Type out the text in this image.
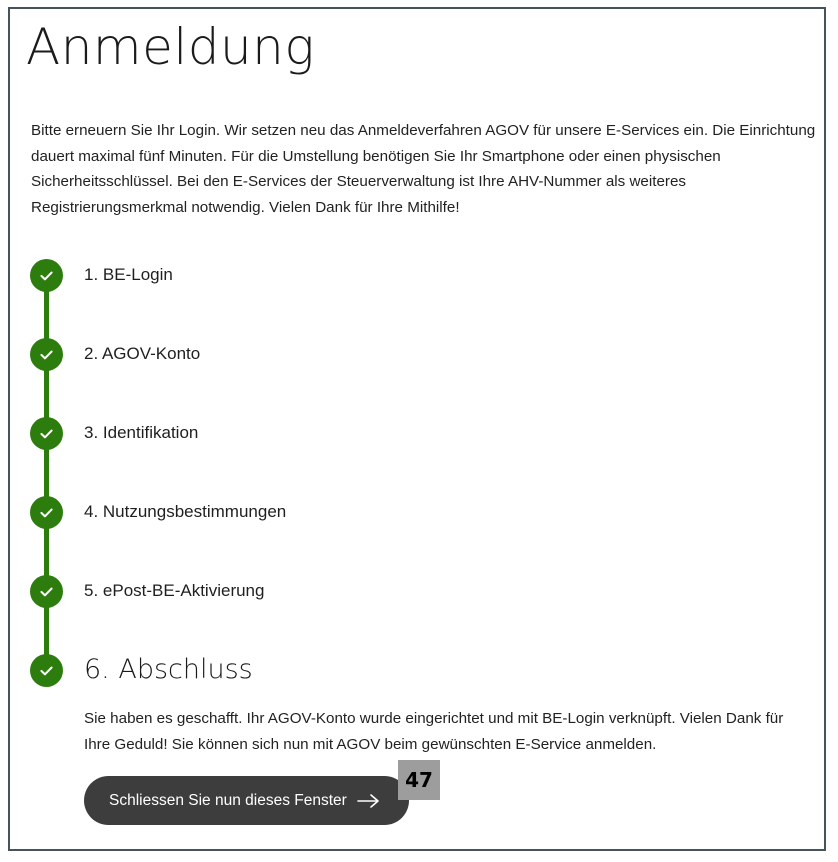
Anmeldung

Bitte erneuern Sie Ihr Login. Wir setzen neu das Anmeldeverfahren AGOV für unsere E-Services ein. Die Einrichtung dauert maximal fünf Minuten. Für die Umstellung benötigen Sie Ihr Smartphone oder einen physischen Sicherheitsschlüssel. Bei den E-Services der Steuerverwaltung ist Ihre AHV-Nummer als weiteres Registrierungsmerkmal notwendig. Vielen Dank für Ihre Mithilfe!

1. BE-Login
2. AGOV-Konto
3. Identifikation
4. Nutzungsbestimmungen
5. ePost-BE-Aktivierung
6. Abschluss

Sie haben es geschafft. Ihr AGOV-Konto wurde eingerichtet und mit BE-Login verknüpft. Vielen Dank für Ihre Geduld! Sie können sich nun mit AGOV beim gewünschten E-Service anmelden.

Schliessen Sie nun dieses Fenster
47
